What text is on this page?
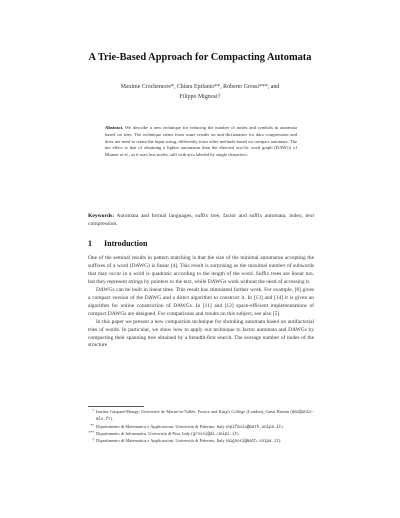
A Trie-Based Approach for Compacting Automata
Maxime Crochemore*, Chiara Epifanio**, Roberto Grossi***, and
Filippo Mignosi†
Abstract. We describe a new technique for reducing the number of nodes and symbols in automata based on tries. The technique stems from some results on anti-dictionaries for data compression and does not need to retain the input string, differently from other methods based on compact automata. The net effect is that of obtaining a lighter automaton than the directed acyclic word graph (DAWG) of Blumer et al., as it uses less nodes, still with arcs labeled by single characters.
Keywords: Automata and formal languages, suffix tree, factor and suffix automata, index, text compression.
1 Introduction

One of the seminal results in pattern matching is that the size of the minimal automaton accepting the suffixes of a word (DAWG) is linear [4]. This result is surprising as the maximal number of subwords that may occur in a word is quadratic according to the length of the word. Suffix trees are linear too, but they represent strings by pointers to the text, while DAWGs work without the need of accessing it.

DAWGs can be built in linear time. This result has stimulated further work. For example, [8] gives a compact version of the DAWG and a direct algorithm to construct it. In [13] and [14] it is given an algorithm for online construction of DAWGs. In [11] and [12] space-efficient implementations of compact DAWGs are designed. For comparisons and results on this subject, see also [5].

In this paper we present a new compaction technique for shrinking automata based on antifactorial tries of words. In particular, we show how to apply our technique to factor automata and DAWGs by compacting their spanning tree obtained by a breadth-first search. The average number of nodes of the structure

* Institut Gaspard-Monge, Université de Marne-la-Vallée, France and King's College (London), Great Britain (mac@univ-mlv.fr).
** Dipartimento di Matematica e Applicazioni, Università di Palermo, Italy (epifanio@math.unipa.it).
*** Dipartimento di Informatica, Università di Pisa, Italy (grossi@di.unipi.it).
† Dipartimento di Matematica e Applicazioni, Università di Palermo, Italy (mignosi@math.unipa.it).
